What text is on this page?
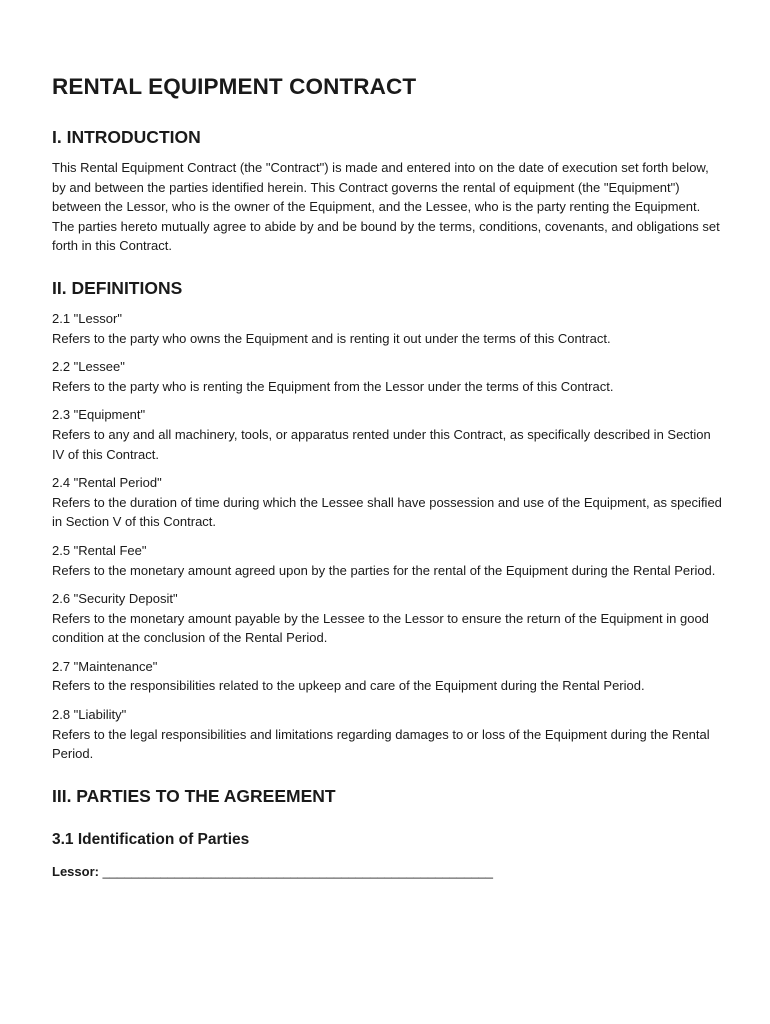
RENTAL EQUIPMENT CONTRACT
I. INTRODUCTION

This Rental Equipment Contract (the "Contract") is made and entered into on the date of execution set forth below, by and between the parties identified herein. This Contract governs the rental of equipment (the "Equipment") between the Lessor, who is the owner of the Equipment, and the Lessee, who is the party renting the Equipment. The parties hereto mutually agree to abide by and be bound by the terms, conditions, covenants, and obligations set forth in this Contract.

II. DEFINITIONS
2.1 "Lessor"
Refers to the party who owns the Equipment and is renting it out under the terms of this Contract.
2.2 "Lessee"
Refers to the party who is renting the Equipment from the Lessor under the terms of this Contract.
2.3 "Equipment"
Refers to any and all machinery, tools, or apparatus rented under this Contract, as specifically described in Section IV of this Contract.
2.4 "Rental Period"
Refers to the duration of time during which the Lessee shall have possession and use of the Equipment, as specified in Section V of this Contract.
2.5 "Rental Fee"
Refers to the monetary amount agreed upon by the parties for the rental of the Equipment during the Rental Period.
2.6 "Security Deposit"
Refers to the monetary amount payable by the Lessee to the Lessor to ensure the return of the Equipment in good condition at the conclusion of the Rental Period.
2.7 "Maintenance"
Refers to the responsibilities related to the upkeep and care of the Equipment during the Rental Period.
2.8 "Liability"
Refers to the legal responsibilities and limitations regarding damages to or loss of the Equipment during the Rental Period.
III. PARTIES TO THE AGREEMENT
3.1 Identification of Parties

Lessor: ______________________________________________________
